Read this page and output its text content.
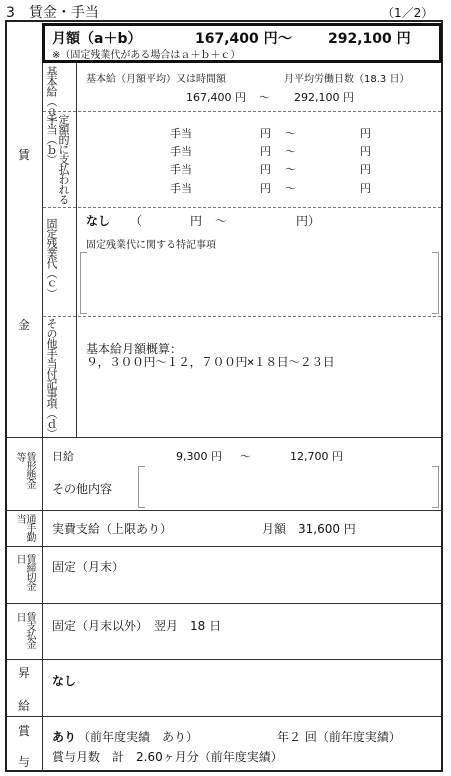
3　賃金・手当	（1／2）
月額（a＋b）	167,400 円 〜	292,100 円
※（固定残業代がある場合はａ＋ｂ＋ｃ）
賃
金
基本給（ａ）	基本給（月額平均）又は時間額	月平均労働日数（18.3 日）
167,400 円 〜 292,100 円
定額的に支払われる手当（ｂ）	手当	円 〜	円
手当	円 〜	円
手当	円 〜	円
手当	円 〜	円
固定残業代（ｃ） なし （	円 〜	円）
固定残業代に関する特記事項
その他手当付記事項（ｄ） 基本給月額概算：
９，３００円〜１２，７００円×１８日〜２３日
賃形態金等	日給	9,300 円 〜	12,700 円
その他内容
通手勤当
実費支給（上限あり）	月額　31,600 円
賃締切金日
固定（月末）
賃支払金日
固定（月末以外）　翌月　18 日
昇
給
なし
賞
与
あり （前年度実績　あり）	年２ 回（前年度実績）
賞与月数　計　2.60ヶ月分（前年度実績）
